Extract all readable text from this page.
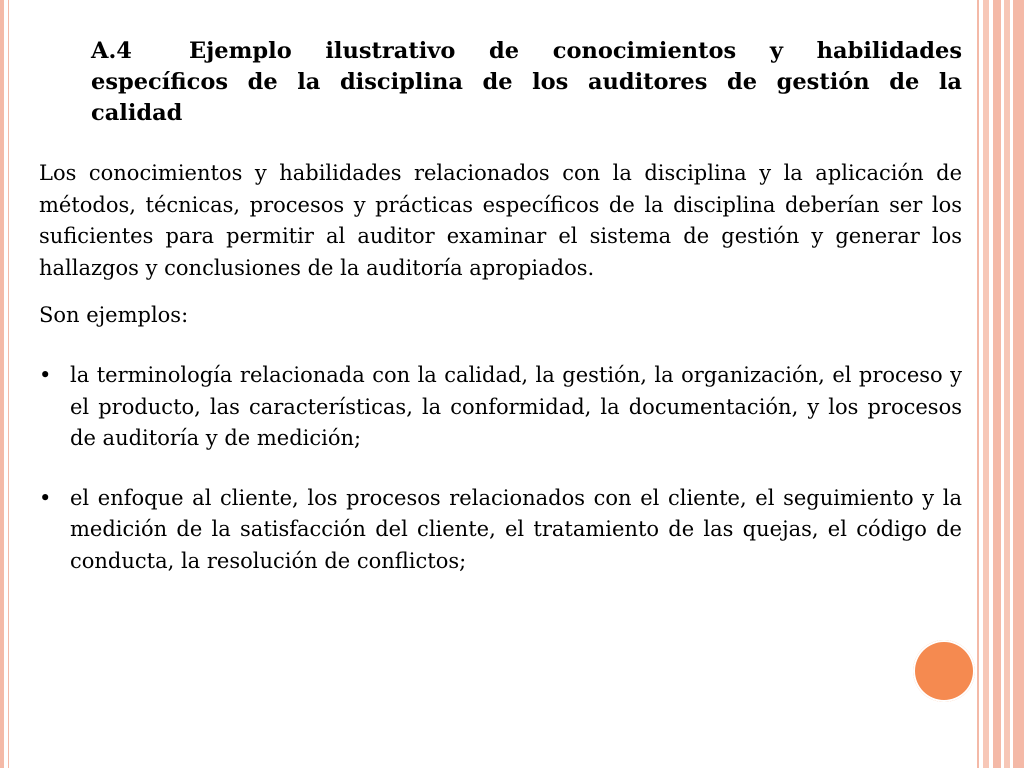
A.4	Ejemplo ilustrativo de conocimientos y habilidades específicos de la disciplina de los auditores de gestión de la calidad
Los conocimientos y habilidades relacionados con la disciplina y la aplicación de métodos, técnicas, procesos y prácticas específicos de la disciplina deberían ser los suficientes para permitir al auditor examinar el sistema de gestión y generar los hallazgos y conclusiones de la auditoría apropiados.
Son ejemplos:
• la terminología relacionada con la calidad, la gestión, la organización, el proceso y el producto, las características, la conformidad, la documentación, y los procesos de auditoría y de medición;
• el enfoque al cliente, los procesos relacionados con el cliente, el seguimiento y la medición de la satisfacción del cliente, el tratamiento de las quejas, el código de conducta, la resolución de conflictos;
